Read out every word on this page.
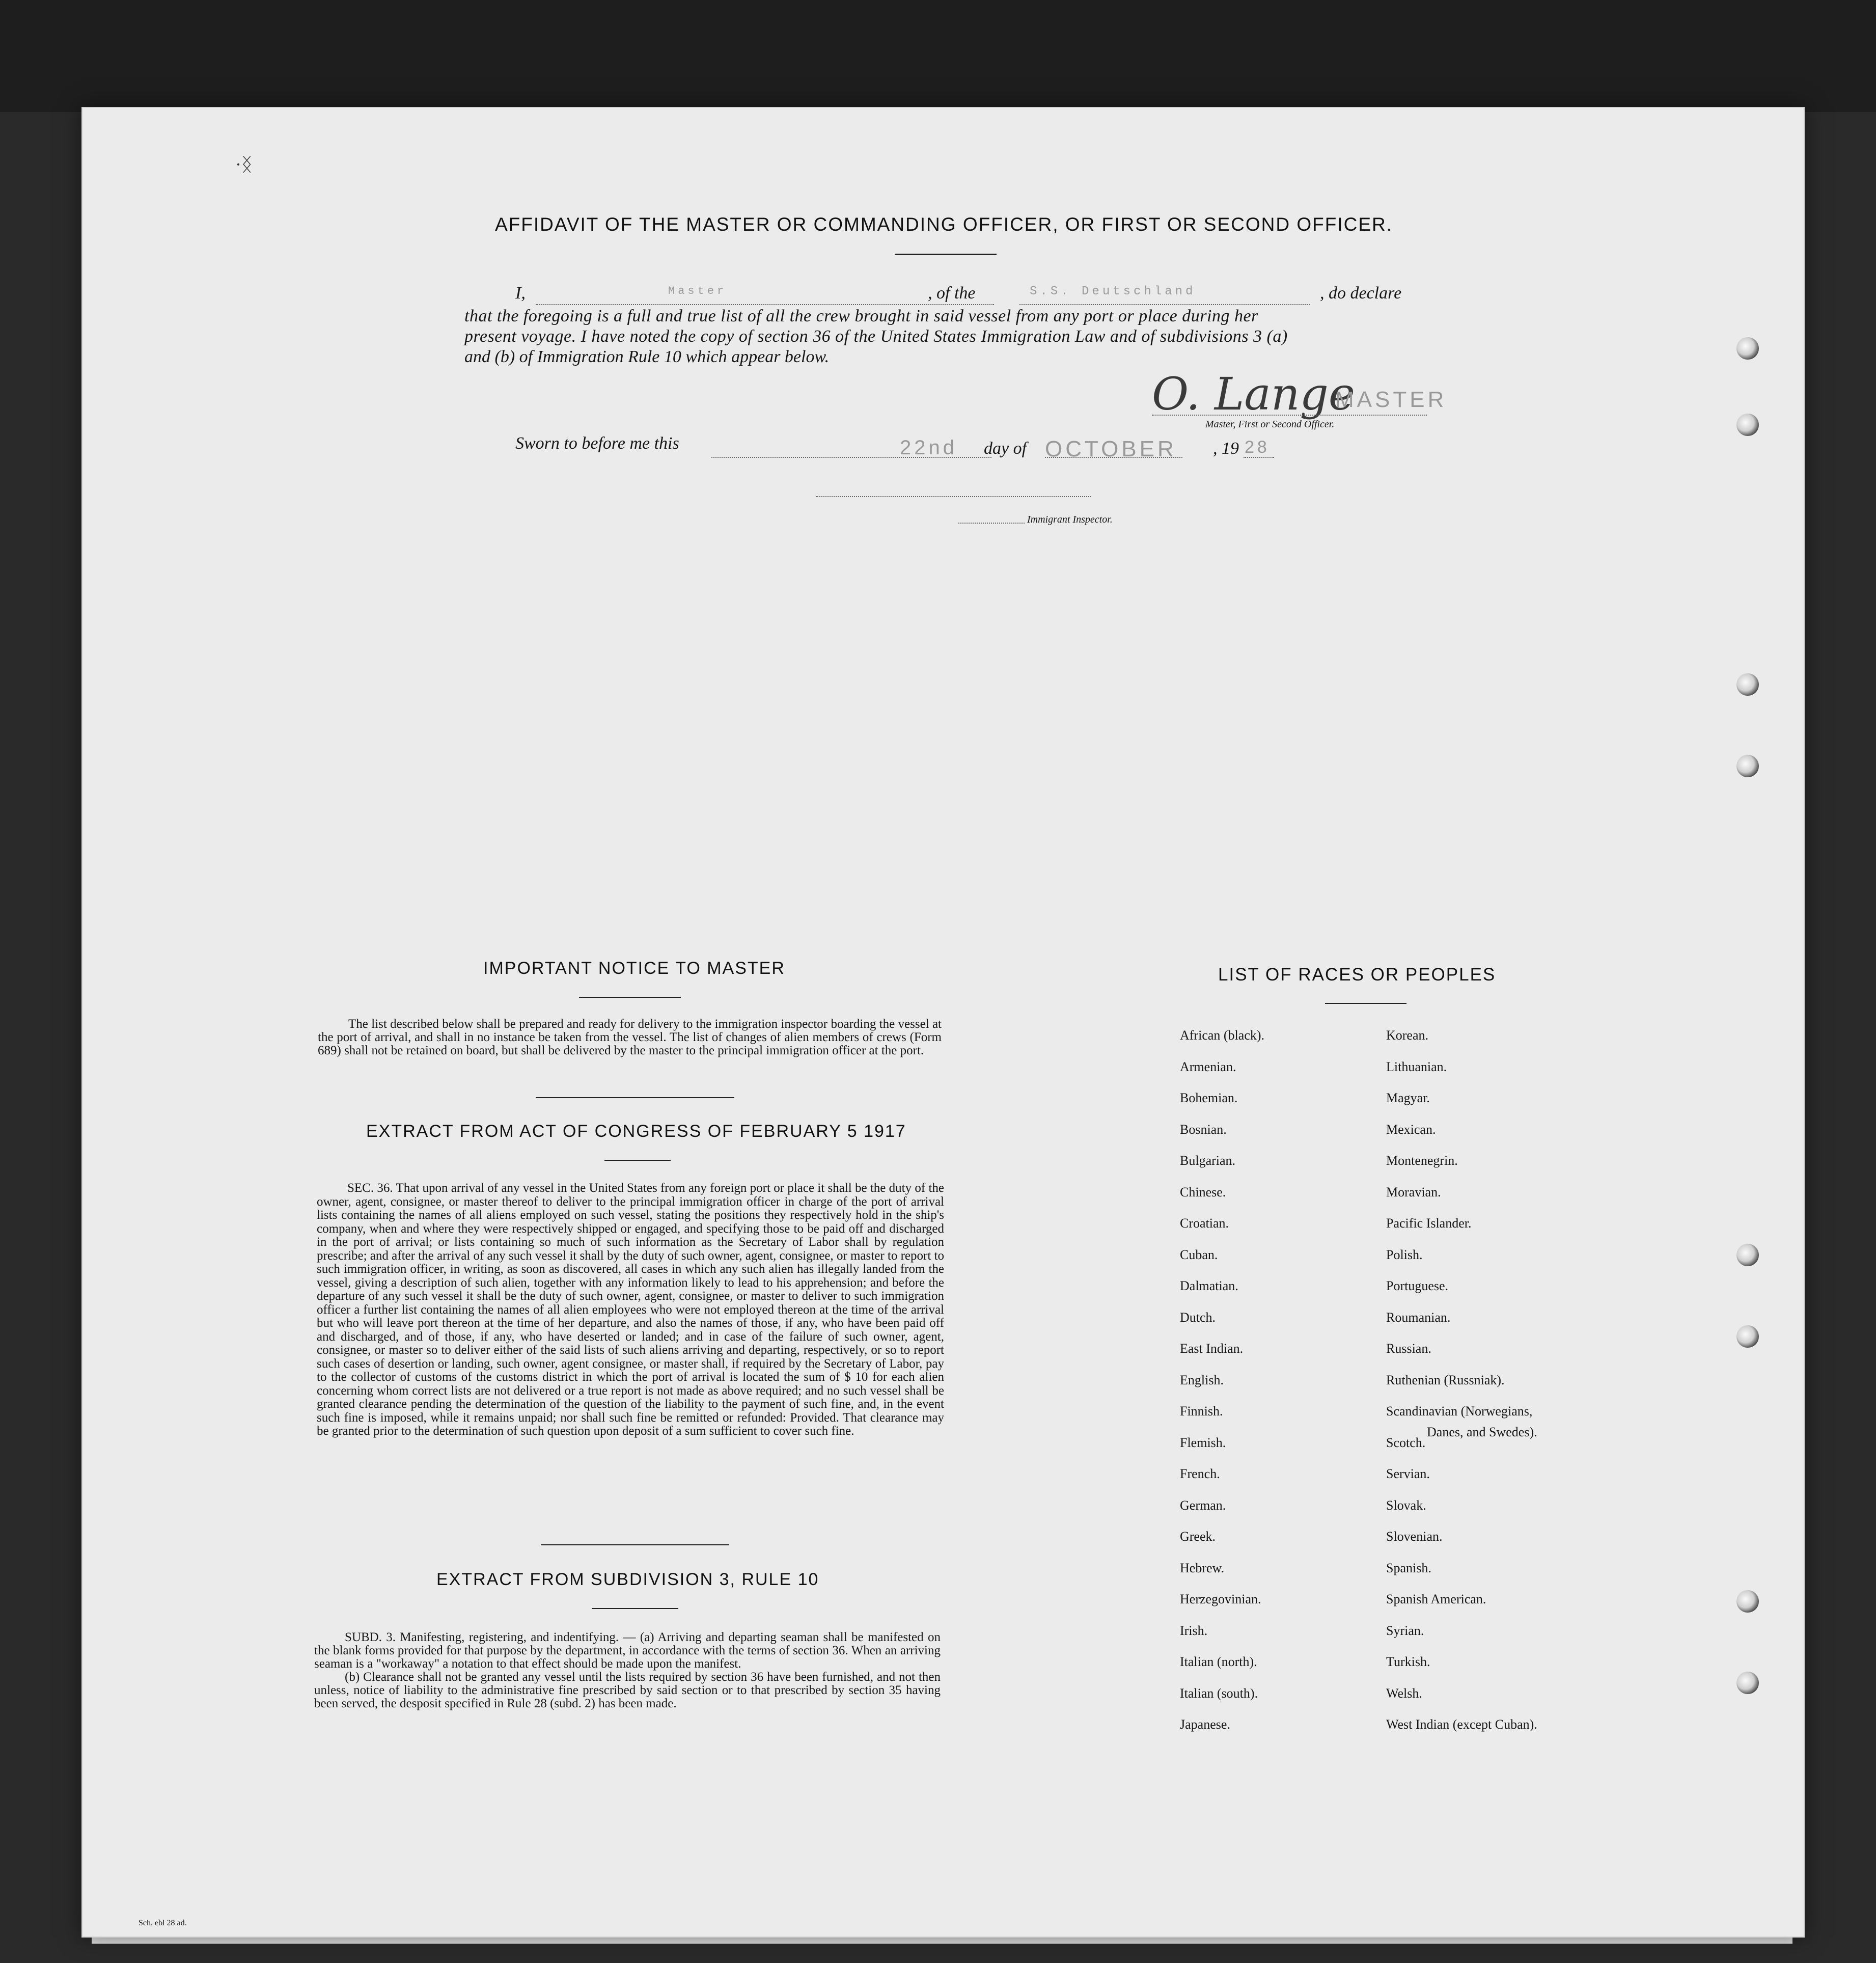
·ᛝ
AFFIDAVIT OF THE MASTER OR COMMANDING OFFICER, OR FIRST OR SECOND OFFICER.
I,	Master	, of the	S.S. Deutschland	, do declare
that the foregoing is a full and true list of all the crew brought in said vessel from any port or place during her
present voyage. I have noted the copy of section 36 of the United States Immigration Law and of subdivisions 3 (a)
and (b) of Immigration Rule 10 which appear below.
O. Lange
MASTER
Master, First or Second Officer.
Sworn to before me this	22nd day of OCTOBER , 19 28
Immigrant Inspector.
IMPORTANT NOTICE TO MASTER

The list described below shall be prepared and ready for delivery to the immigration inspector boarding the vessel at the port of arrival, and shall in no instance be taken from the vessel. The list of changes of alien members of crews (Form 689) shall not be retained on board, but shall be delivered by the master to the principal immigration officer at the port.

EXTRACT FROM ACT OF CONGRESS OF FEBRUARY 5 1917

SEC. 36. That upon arrival of any vessel in the United States from any foreign port or place it shall be the duty of the owner, agent, consignee, or master thereof to deliver to the principal immigration officer in charge of the port of arrival lists containing the names of all aliens employed on such vessel, stating the positions they respectively hold in the ship's company, when and where they were respectively shipped or engaged, and specifying those to be paid off and discharged in the port of arrival; or lists containing so much of such information as the Secretary of Labor shall by regulation prescribe; and after the arrival of any such vessel it shall by the duty of such owner, agent, consignee, or master to report to such immigration officer, in writing, as soon as discovered, all cases in which any such alien has illegally landed from the vessel, giving a description of such alien, together with any information likely to lead to his apprehension; and before the departure of any such vessel it shall be the duty of such owner, agent, consignee, or master to deliver to such immigration officer a further list containing the names of all alien employees who were not employed thereon at the time of the arrival but who will leave port thereon at the time of her departure, and also the names of those, if any, who have been paid off and discharged, and of those, if any, who have deserted or landed; and in case of the failure of such owner, agent, consignee, or master so to deliver either of the said lists of such aliens arriving and departing, respectively, or so to report such cases of desertion or landing, such owner, agent consignee, or master shall, if required by the Secretary of Labor, pay to the collector of customs of the customs district in which the port of arrival is located the sum of $ 10 for each alien concerning whom correct lists are not delivered or a true report is not made as above required; and no such vessel shall be granted clearance pending the determination of the question of the liability to the payment of such fine, and, in the event such fine is imposed, while it remains unpaid; nor shall such fine be remitted or refunded: Provided. That clearance may be granted prior to the determination of such question upon deposit of a sum sufficient to cover such fine.

EXTRACT FROM SUBDIVISION 3, RULE 10

SUBD. 3. Manifesting, registering, and indentifying. — (a) Arriving and departing seaman shall be manifested on the blank forms provided for that purpose by the department, in accordance with the terms of section 36. When an arriving seaman is a "workaway" a notation to that effect should be made upon the manifest.

(b) Clearance shall not be granted any vessel until the lists required by section 36 have been furnished, and not then unless, notice of liability to the administrative fine prescribed by said section or to that prescribed by section 35 having been served, the desposit specified in Rule 28 (subd. 2) has been made.

LIST OF RACES OR PEOPLES
African (black).
Armenian.
Bohemian.
Bosnian.
Bulgarian.
Chinese.
Croatian.
Cuban.
Dalmatian.
Dutch.
East Indian.
English.
Finnish.
Flemish.
French.
German.
Greek.
Hebrew.
Herzegovinian.
Irish.
Italian (north).
Italian (south).
Japanese.
Korean.
Lithuanian.
Magyar.
Mexican.
Montenegrin.
Moravian.
Pacific Islander.
Polish.
Portuguese.
Roumanian.
Russian.
Ruthenian (Russniak).
Scandinavian (Norwegians,
Scotch.
Servian.
Slovak.
Slovenian.
Spanish.
Spanish American.
Syrian.
Turkish.
Welsh.
West Indian (except Cuban).
Danes, and Swedes).
Sch. ebl 28 ad.
